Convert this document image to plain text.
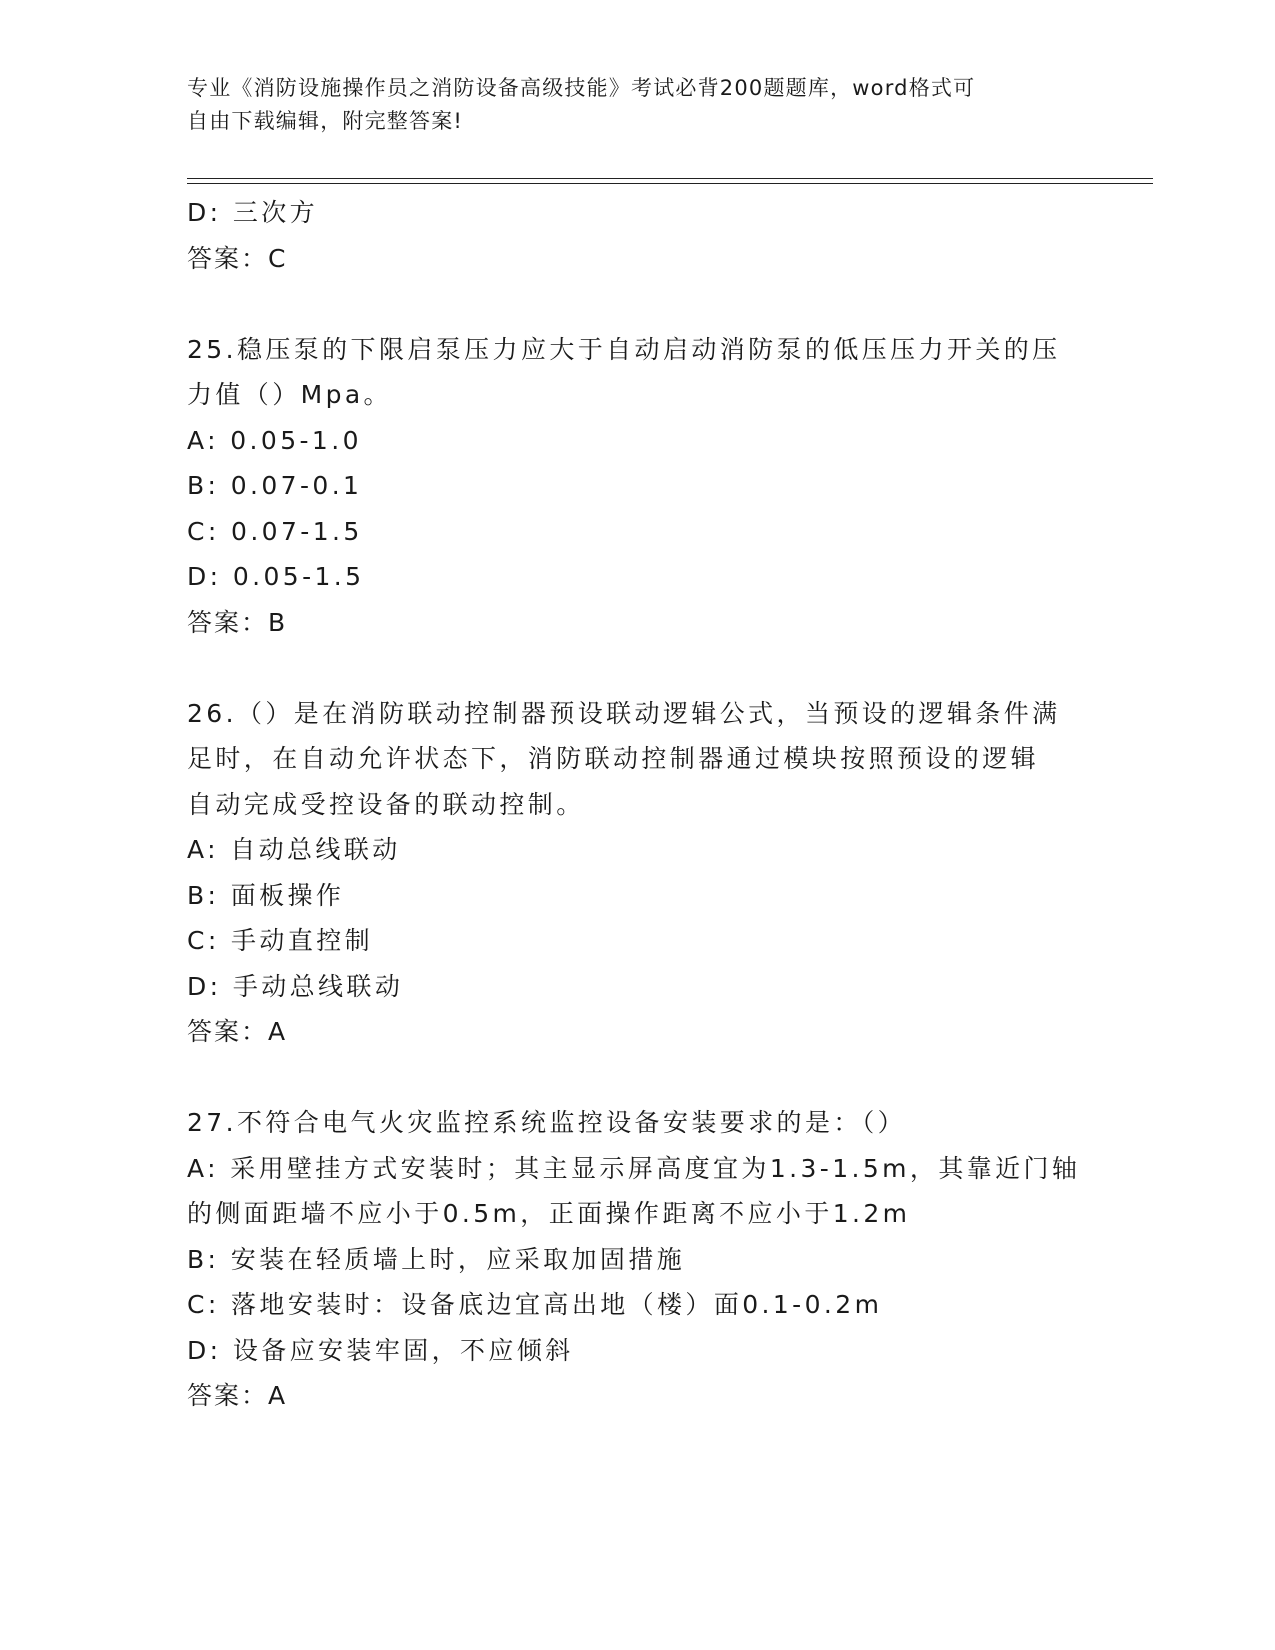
专业《消防设施操作员之消防设备高级技能》考试必背200题题库，word格式可
自由下载编辑，附完整答案!
D: 三次方
答案：C
25.稳压泵的下限启泵压力应大于自动启动消防泵的低压压力开关的压
力值（）Mpa。
A: 0.05-1.0
B: 0.07-0.1
C: 0.07-1.5
D: 0.05-1.5
答案：B
26.（）是在消防联动控制器预设联动逻辑公式，当预设的逻辑条件满
足时，在自动允许状态下，消防联动控制器通过模块按照预设的逻辑
自动完成受控设备的联动控制。
A: 自动总线联动
B: 面板操作
C: 手动直控制
D: 手动总线联动
答案：A
27.不符合电气火灾监控系统监控设备安装要求的是：（）
A: 采用壁挂方式安装时；其主显示屏高度宜为1.3-1.5m，其靠近门轴
的侧面距墙不应小于0.5m，正面操作距离不应小于1.2m
B: 安装在轻质墙上时，应采取加固措施
C: 落地安装时：设备底边宜高出地（楼）面0.1-0.2m
D: 设备应安装牢固，不应倾斜
答案：A
